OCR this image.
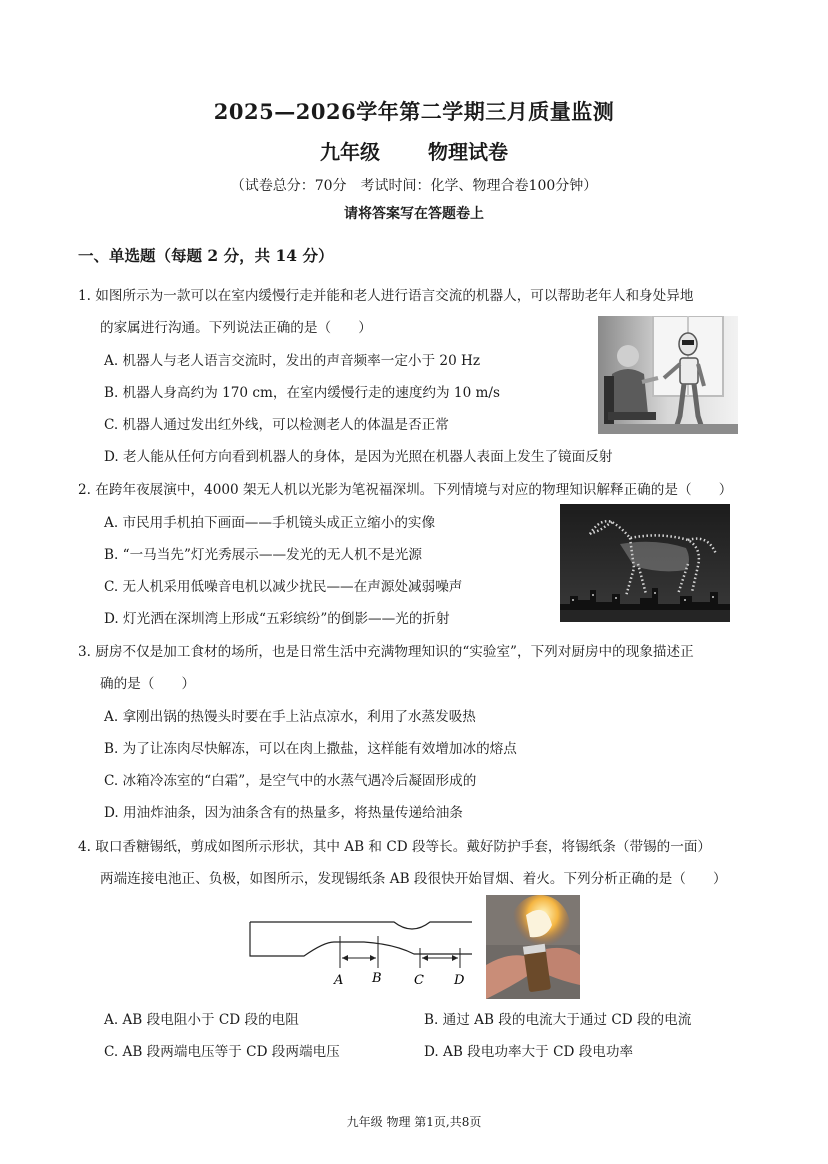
2025—2026学年第二学期三月质量监测
九年级 物理试卷
（试卷总分：70分　考试时间：化学、物理合卷100分钟）
请将答案写在答题卷上
一、单选题（每题 2 分，共 14 分）
1. 如图所示为一款可以在室内缓慢行走并能和老人进行语言交流的机器人，可以帮助老年人和身处异地
的家属进行沟通。下列说法正确的是（　　）
A. 机器人与老人语言交流时，发出的声音频率一定小于 20 Hz
B. 机器人身高约为 170 cm，在室内缓慢行走的速度约为 10 m/s
C. 机器人通过发出红外线，可以检测老人的体温是否正常
D. 老人能从任何方向看到机器人的身体，是因为光照在机器人表面上发生了镜面反射
2. 在跨年夜展演中，4000 架无人机以光影为笔祝福深圳。下列情境与对应的物理知识解释正确的是（　　）
A. 市民用手机拍下画面——手机镜头成正立缩小的实像
B. “一马当先”灯光秀展示——发光的无人机不是光源
C. 无人机采用低噪音电机以减少扰民——在声源处减弱噪声
D. 灯光洒在深圳湾上形成“五彩缤纷”的倒影——光的折射
3. 厨房不仅是加工食材的场所，也是日常生活中充满物理知识的“实验室”，下列对厨房中的现象描述正
确的是（　　）
A. 拿刚出锅的热馒头时要在手上沾点凉水，利用了水蒸发吸热
B. 为了让冻肉尽快解冻，可以在肉上撒盐，这样能有效增加冰的熔点
C. 冰箱冷冻室的“白霜”，是空气中的水蒸气遇冷后凝固形成的
D. 用油炸油条，因为油条含有的热量多，将热量传递给油条
4. 取口香糖锡纸，剪成如图所示形状，其中 AB 和 CD 段等长。戴好防护手套，将锡纸条（带锡的一面）
两端连接电池正、负极，如图所示，发现锡纸条 AB 段很快开始冒烟、着火。下列分析正确的是（　　）
A B C D
A. AB 段电阻小于 CD 段的电阻	B. 通过 AB 段的电流大于通过 CD 段的电流
C. AB 段两端电压等于 CD 段两端电压	D. AB 段电功率大于 CD 段电功率
九年级 物理 第1页,共8页
